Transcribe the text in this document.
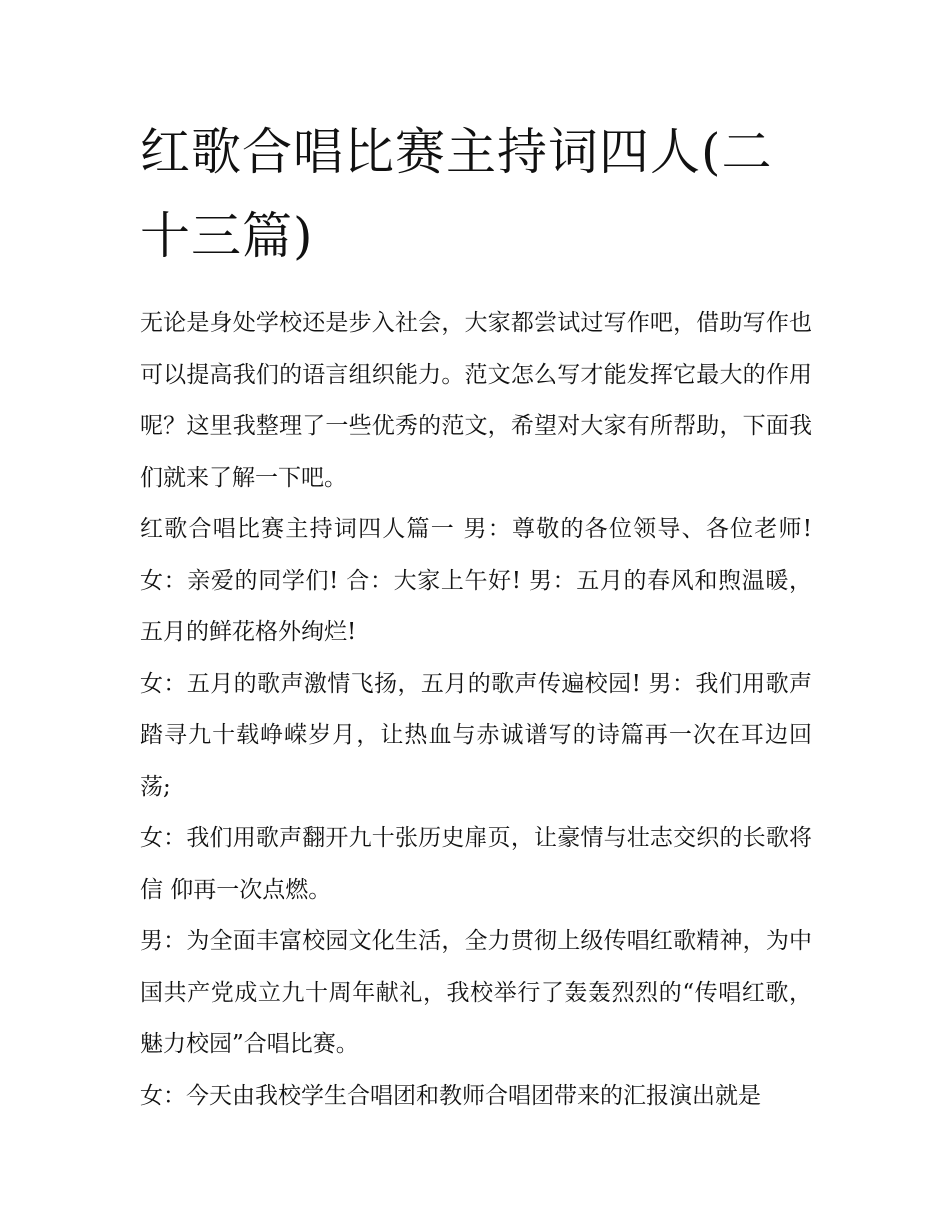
红歌合唱比赛主持词四人(二十三篇)

无论是身处学校还是步入社会，大家都尝试过写作吧，借助写作也可以提高我们的语言组织能力。范文怎么写才能发挥它最大的作用呢？这里我整理了一些优秀的范文，希望对大家有所帮助，下面我们就来了解一下吧。

红歌合唱比赛主持词四人篇一 男：尊敬的各位领导、各位老师! 女：亲爱的同学们! 合：大家上午好! 男：五月的春风和煦温暖，五月的鲜花格外绚烂!

女：五月的歌声激情飞扬，五月的歌声传遍校园! 男：我们用歌声踏寻九十载峥嵘岁月，让热血与赤诚谱写的诗篇再一次在耳边回荡;

女：我们用歌声翻开九十张历史扉页，让豪情与壮志交织的长歌将信 仰再一次点燃。

男：为全面丰富校园文化生活，全力贯彻上级传唱红歌精神，为中国共产党成立九十周年献礼，我校举行了轰轰烈烈的“传唱红歌，魅力校园”合唱比赛。

女：今天由我校学生合唱团和教师合唱团带来的汇报演出就是
